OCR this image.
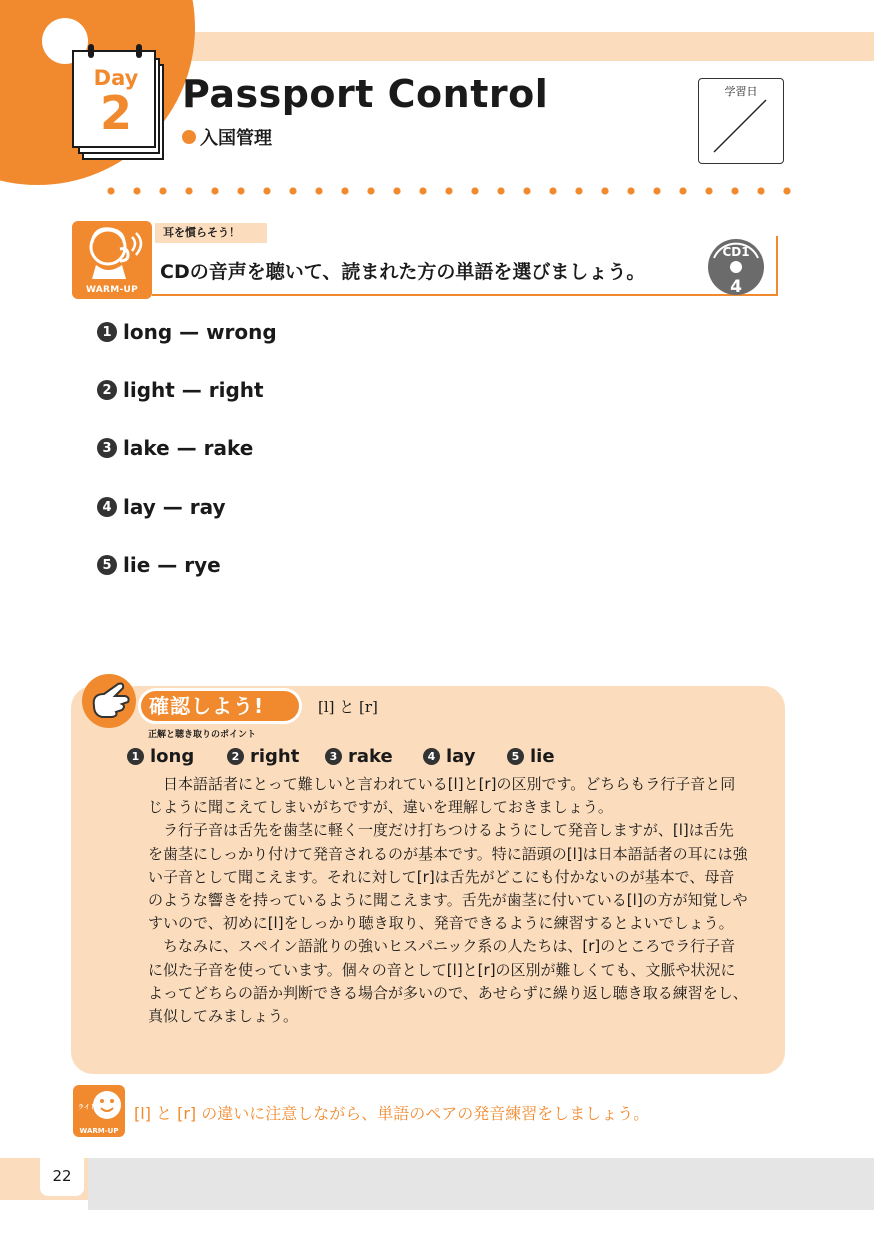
Day
2	Passport Control
入国管理
学習日
WARM-UP
耳を慣らそう！
CDの音声を聴いて、読まれた方の単語を選びましょう。
CD1
4
1 long — wrong
2 light — right
3 lake — rake
4 lay — ray
5 lie — rye
確認しよう!	[l] と [r]
正解と聴き取りのポイント
1 long	2 right	3 rake	4 lay	5 lie

日本語話者にとって難しいと言われている[l]と[r]の区別です。どちらもラ行子音と同じように聞こえてしまいがちですが、違いを理解しておきましょう。

ラ行子音は舌先を歯茎に軽く一度だけ打ちつけるようにして発音しますが、[l]は舌先を歯茎にしっかり付けて発音されるのが基本です。特に語頭の[l]は日本語話者の耳には強い子音として聞こえます。それに対して[r]は舌先がどこにも付かないのが基本で、母音のような響きを持っているように聞こえます。舌先が歯茎に付いている[l]の方が知覚しやすいので、初めに[l]をしっかり聴き取り、発音できるように練習するとよいでしょう。

ちなみに、スペイン語訛りの強いヒスパニック系の人たちは、[r]のところでラ行子音に似た子音を使っています。個々の音として[l]と[r]の区別が難しくても、文脈や状況によってどちらの語か判断できる場合が多いので、あせらずに繰り返し聴き取る練習をし、真似してみましょう。

ライト
WARM-UP
[l] と [r] の違いに注意しながら、単語のペアの発音練習をしましょう。
22
